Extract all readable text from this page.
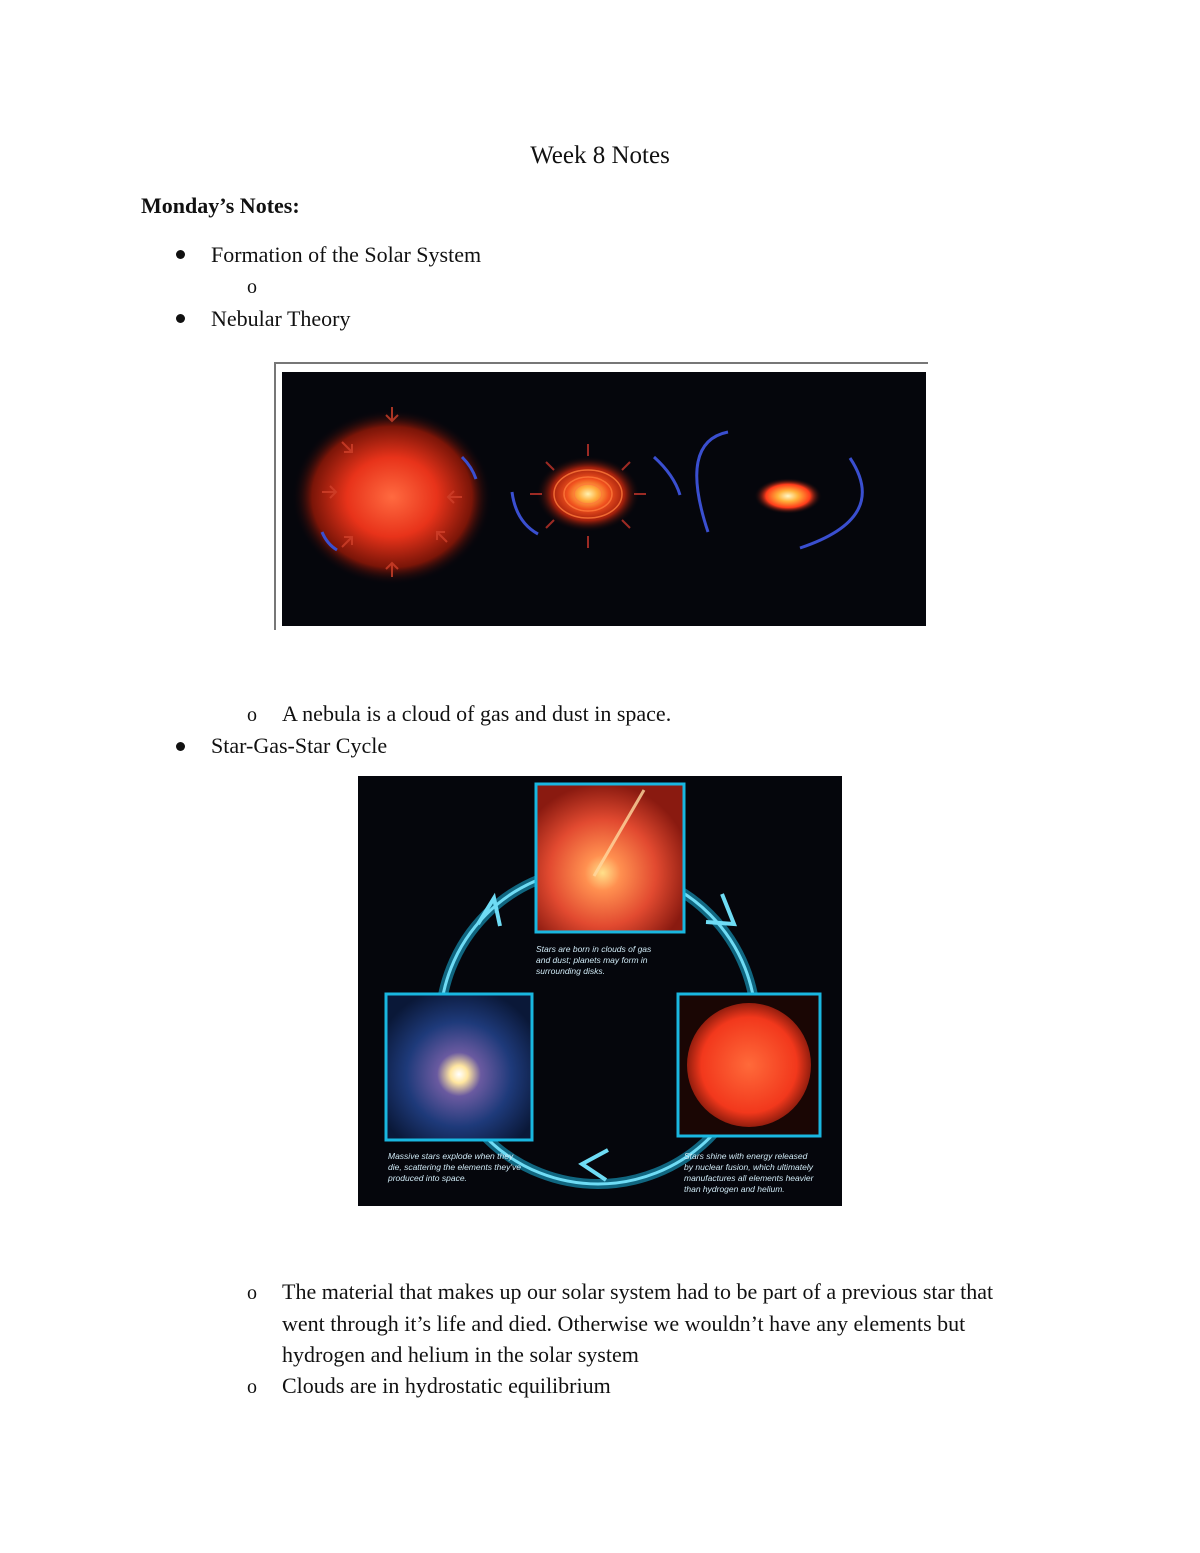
Week 8 Notes
Monday’s Notes:
Formation of the Solar System
o
Nebular Theory
o A nebula is a cloud of gas and dust in space.
Star-Gas-Star Cycle
Stars are born in clouds of gas
and dust; planets may form in
surrounding disks.
Stars shine with energy released
by nuclear fusion, which ultimately
manufactures all elements heavier
than hydrogen and helium.
Massive stars explode when they
die, scattering the elements they've
produced into space.
o The material that makes up our solar system had to be part of a previous star that
went through it’s life and died. Otherwise we wouldn’t have any elements but
hydrogen and helium in the solar system
o Clouds are in hydrostatic equilibrium
